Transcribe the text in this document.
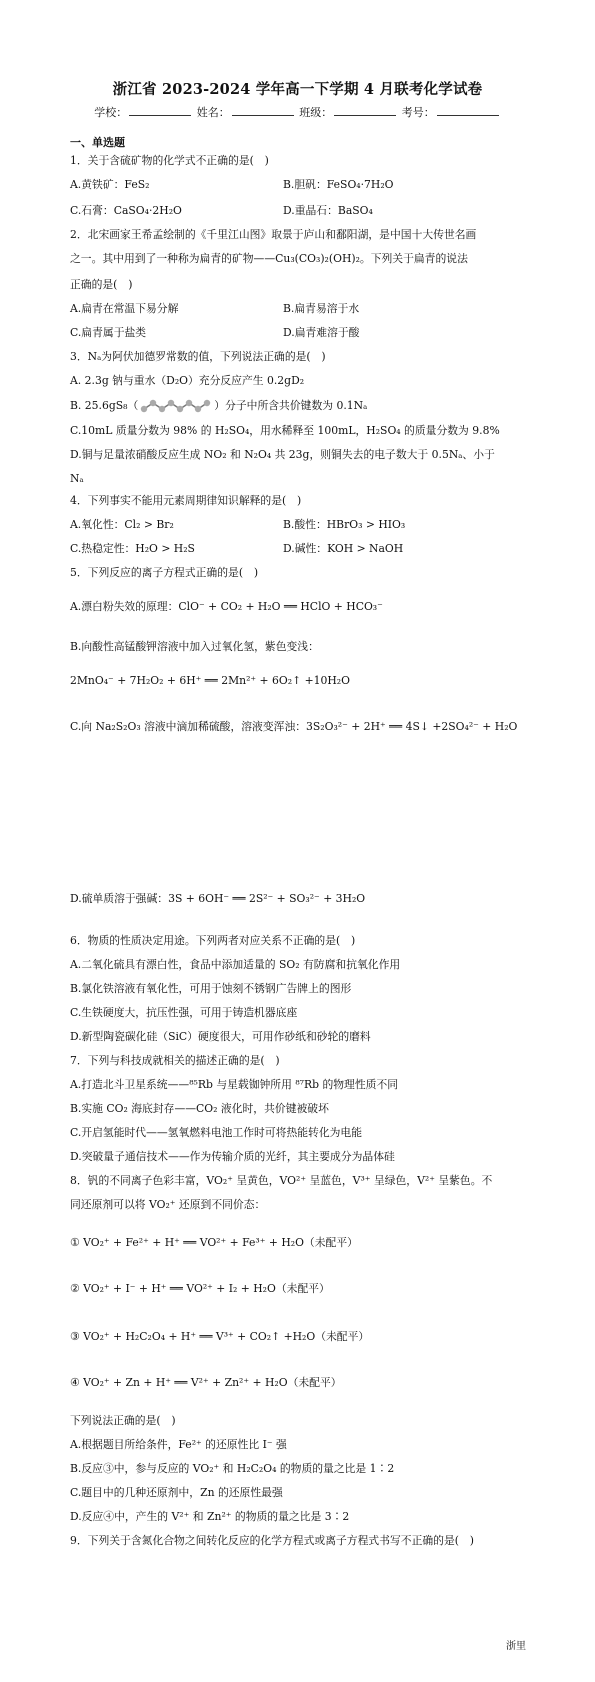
浙江省 2023-2024 学年高一下学期 4 月联考化学试卷
学校：	姓名：	班级：	考号：
一、单选题
1．关于含硫矿物的化学式不正确的是(　)
A.黄铁矿：FeS₂	B.胆矾：FeSO₄·7H₂O
C.石膏：CaSO₄·2H₂O	D.重晶石：BaSO₄
2．北宋画家王希孟绘制的《千里江山图》取景于庐山和鄱阳湖，是中国十大传世名画
之一。其中用到了一种称为扁青的矿物——Cu₃(CO₃)₂(OH)₂。下列关于扁青的说法
正确的是(　)
A.扁青在常温下易分解	B.扁青易溶于水
C.扁青属于盐类	D.扁青难溶于酸
3．Nₐ为阿伏加德罗常数的值，下列说法正确的是(　)
A. 2.3g 钠与重水（D₂O）充分反应产生 0.2gD₂
B. 25.6gS₈（	）分子中所含共价键数为 0.1Nₐ
C.10mL 质量分数为 98% 的 H₂SO₄，用水稀释至 100mL，H₂SO₄ 的质量分数为 9.8%
D.铜与足量浓硝酸反应生成 NO₂ 和 N₂O₄ 共 23g，则铜失去的电子数大于 0.5Nₐ、小于
Nₐ
4．下列事实不能用元素周期律知识解释的是(　)
A.氧化性：Cl₂ > Br₂	B.酸性：HBrO₃ > HIO₃
C.热稳定性：H₂O > H₂S	D.碱性：KOH > NaOH
5．下列反应的离子方程式正确的是(　)
A.漂白粉失效的原理：ClO⁻ + CO₂ + H₂O ══ HClO + HCO₃⁻
B.向酸性高锰酸钾溶液中加入过氧化氢，紫色变浅：
2MnO₄⁻ + 7H₂O₂ + 6H⁺ ══ 2Mn²⁺ + 6O₂↑ +10H₂O
C.向 Na₂S₂O₃ 溶液中滴加稀硫酸，溶液变浑浊：3S₂O₃²⁻ + 2H⁺ ══ 4S↓ +2SO₄²⁻ + H₂O
D.硫单质溶于强碱：3S + 6OH⁻ ══ 2S²⁻ + SO₃²⁻ + 3H₂O
6．物质的性质决定用途。下列两者对应关系不正确的是(　)
A.二氧化硫具有漂白性，食品中添加适量的 SO₂ 有防腐和抗氧化作用
B.氯化铁溶液有氧化性，可用于蚀刻不锈钢广告牌上的图形
C.生铁硬度大，抗压性强，可用于铸造机器底座
D.新型陶瓷碳化硅（SiC）硬度很大，可用作砂纸和砂轮的磨料
7．下列与科技成就相关的描述正确的是(　)
A.打造北斗卫星系统——⁸⁵Rb 与星载铷钟所用 ⁸⁷Rb 的物理性质不同
B.实施 CO₂ 海底封存——CO₂ 液化时，共价键被破坏
C.开启氢能时代——氢氧燃料电池工作时可将热能转化为电能
D.突破量子通信技术——作为传输介质的光纤，其主要成分为晶体硅
8．钒的不同离子色彩丰富，VO₂⁺ 呈黄色，VO²⁺ 呈蓝色，V³⁺ 呈绿色，V²⁺ 呈紫色。不
同还原剂可以将 VO₂⁺ 还原到不同价态：
① VO₂⁺ + Fe²⁺ + H⁺ ══ VO²⁺ + Fe³⁺ + H₂O（未配平）
② VO₂⁺ + I⁻ + H⁺ ══ VO²⁺ + I₂ + H₂O（未配平）
③ VO₂⁺ + H₂C₂O₄ + H⁺ ══ V³⁺ + CO₂↑ +H₂O（未配平）
④ VO₂⁺ + Zn + H⁺ ══ V²⁺ + Zn²⁺ + H₂O（未配平）
下列说法正确的是(　)
A.根据题目所给条件，Fe²⁺ 的还原性比 I⁻ 强
B.反应③中，参与反应的 VO₂⁺ 和 H₂C₂O₄ 的物质的量之比是 1∶2
C.题目中的几种还原剂中，Zn 的还原性最强
D.反应④中，产生的 V²⁺ 和 Zn²⁺ 的物质的量之比是 3∶2
9．下列关于含氮化合物之间转化反应的化学方程式或离子方程式书写不正确的是(　)
浙里
